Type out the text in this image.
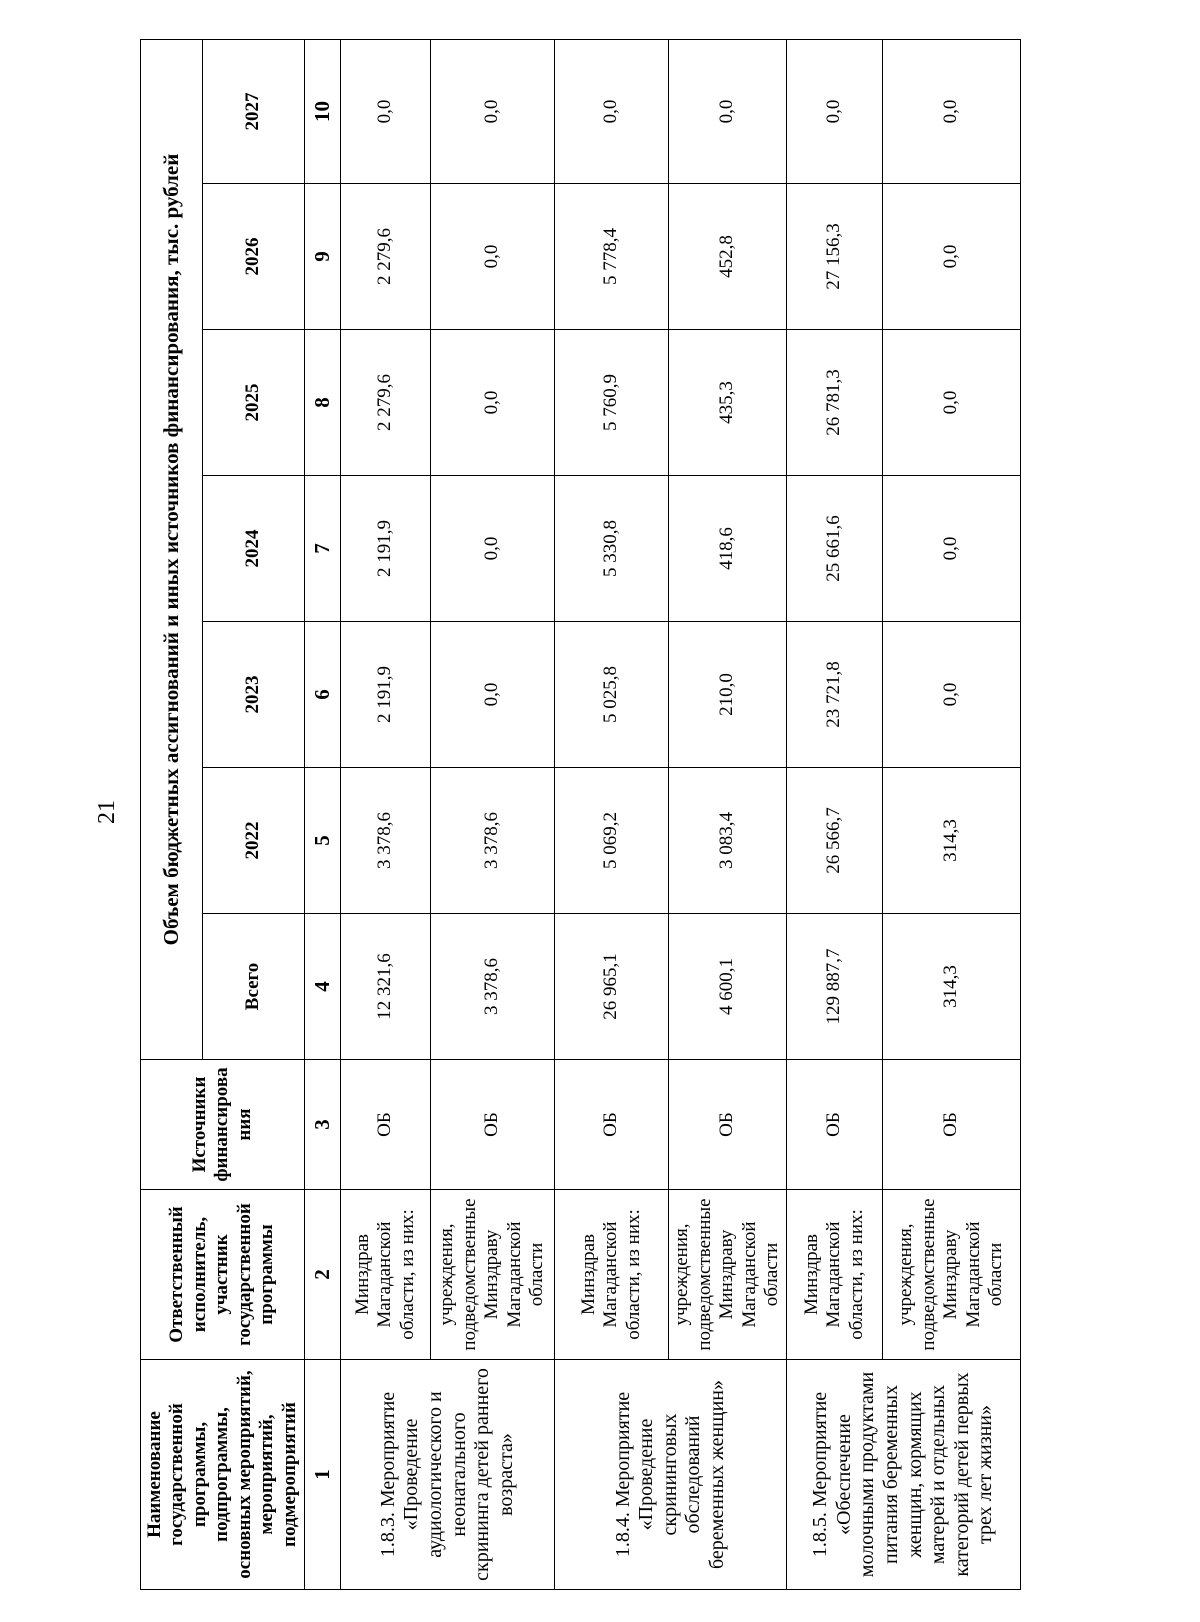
21
Наименование государственной программы, подпрограммы, основных мероприятий, мероприятий, подмероприятий	Ответственный исполнитель, участник государственной программы	Источники финансирова ния	Объем бюджетных ассигнований и иных источников финансирования, тыс. рублей						
			Всего	2022	2023	2024	2025	2026	2027
1	2	3	4	5	6	7	8	9	10
1.8.3. Мероприятие «Проведение аудиологического и неонатального скрининга детей раннего возраста»	Минздрав Магаданской области, из них:	ОБ	12 321,6	3 378,6	2 191,9	2 191,9	2 279,6	2 279,6	0,0
	учреждения, подведомственные Минздраву Магаданской области	ОБ	3 378,6	3 378,6	0,0	0,0	0,0	0,0	0,0
1.8.4. Мероприятие «Проведение скрининговых обследований беременных женщин»	Минздрав Магаданской области, из них:	ОБ	26 965,1	5 069,2	5 025,8	5 330,8	5 760,9	5 778,4	0,0
	учреждения, подведомственные Минздраву Магаданской области	ОБ	4 600,1	3 083,4	210,0	418,6	435,3	452,8	0,0
1.8.5. Мероприятие «Обеспечение молочными продуктами питания беременных женщин, кормящих матерей и отдельных категорий детей первых трех лет жизни»	Минздрав Магаданской области, из них:	ОБ	129 887,7	26 566,7	23 721,8	25 661,6	26 781,3	27 156,3	0,0
	учреждения, подведомственные Минздраву Магаданской области	ОБ	314,3	314,3	0,0	0,0	0,0	0,0	0,0
